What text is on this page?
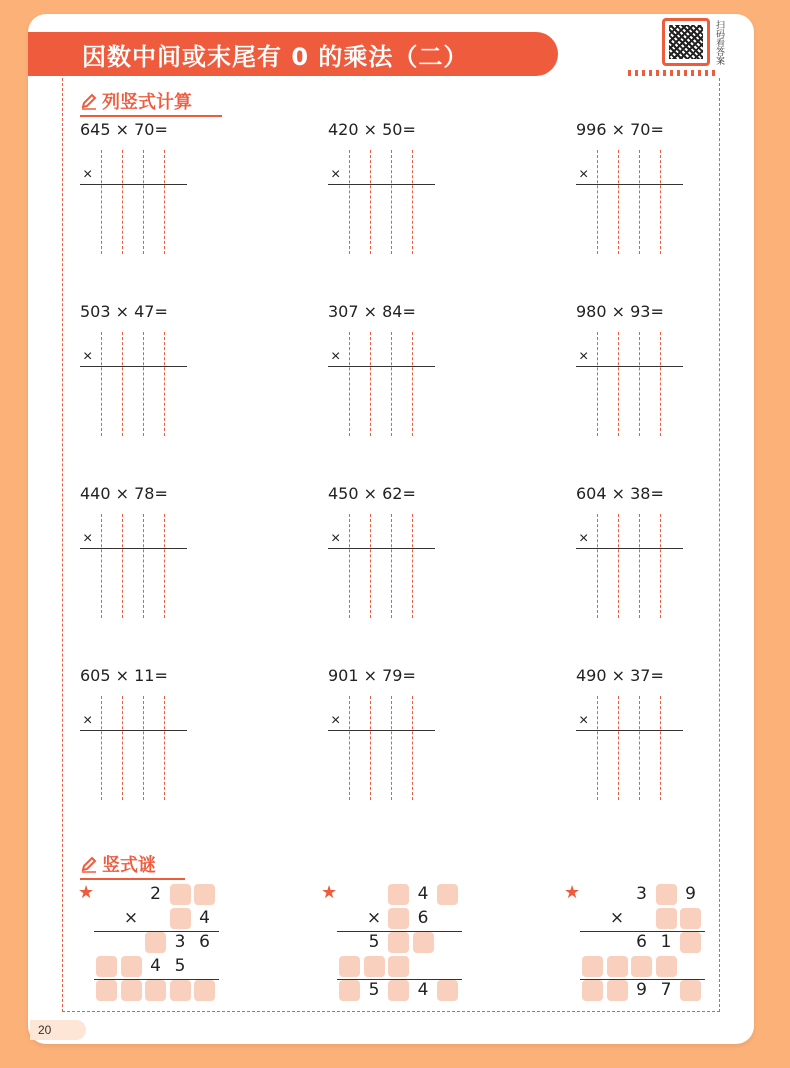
因数中间或末尾有 0 的乘法（二）	扫码看答案
列竖式计算
645 × 70=
×
420 × 50=
×
996 × 70=
×
503 × 47=
×
307 × 84=
×
980 × 93=
×
440 × 78=
×
450 × 62=
×
604 × 38=
×
605 × 11=
×
901 × 79=
×
490 × 37=
×
竖式谜
★	2
×	4
3 6
4 5
★	4
× 6
5
5 4
★	3 9
×
6 1
9 7
20
